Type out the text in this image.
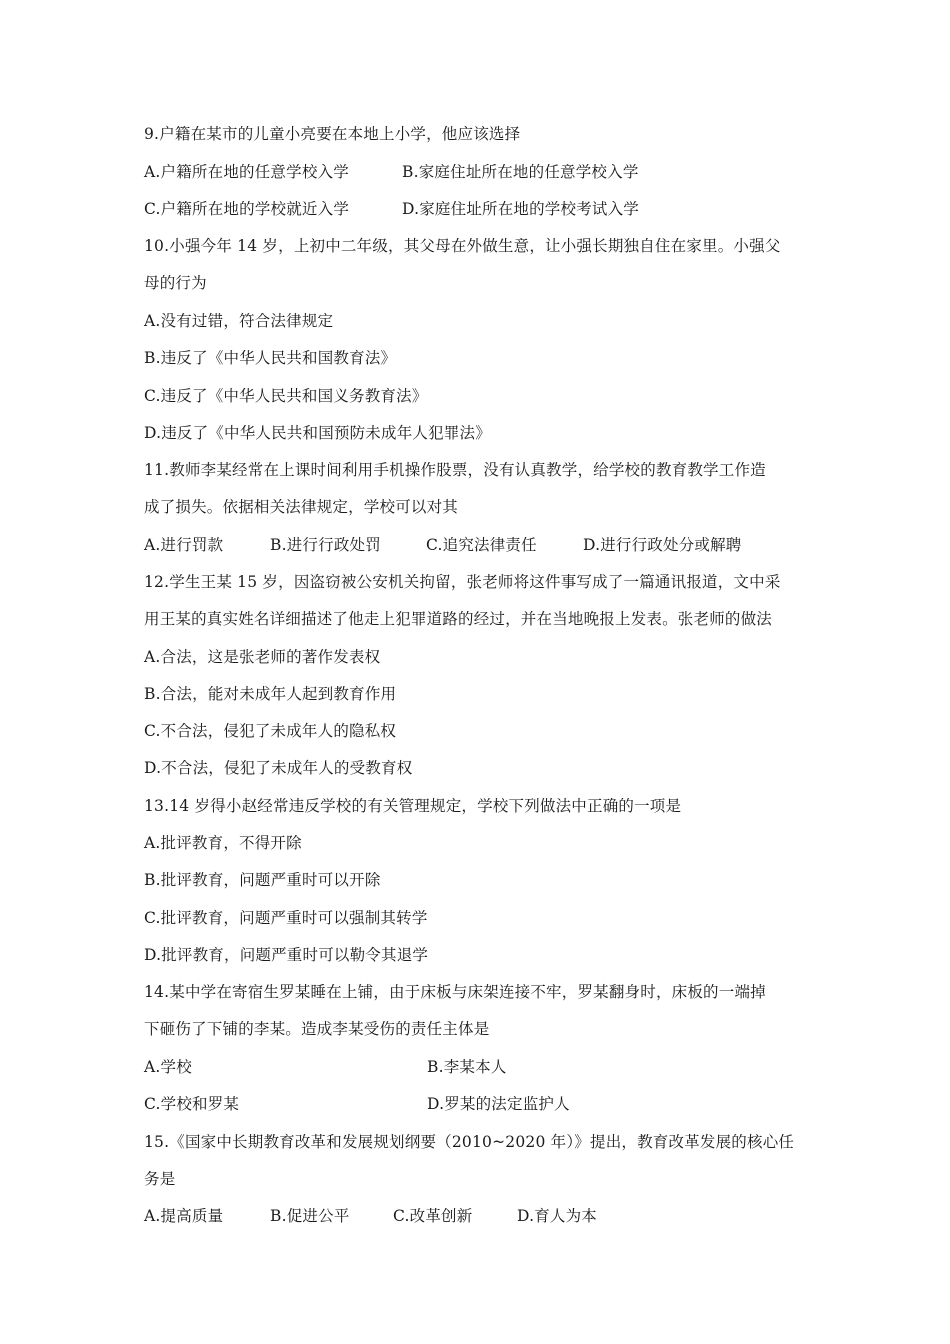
9.户籍在某市的儿童小亮要在本地上小学，他应该选择
A.户籍所在地的任意学校入学	B.家庭住址所在地的任意学校入学
C.户籍所在地的学校就近入学	D.家庭住址所在地的学校考试入学
10.小强今年 14 岁，上初中二年级，其父母在外做生意，让小强长期独自住在家里。小强父
母的行为
A.没有过错，符合法律规定
B.违反了《中华人民共和国教育法》
C.违反了《中华人民共和国义务教育法》
D.违反了《中华人民共和国预防未成年人犯罪法》
11.教师李某经常在上课时间利用手机操作股票，没有认真教学，给学校的教育教学工作造
成了损失。依据相关法律规定，学校可以对其
A.进行罚款	B.进行行政处罚	C.追究法律责任	D.进行行政处分或解聘
12.学生王某 15 岁，因盗窃被公安机关拘留，张老师将这件事写成了一篇通讯报道，文中采
用王某的真实姓名详细描述了他走上犯罪道路的经过，并在当地晚报上发表。张老师的做法
A.合法，这是张老师的著作发表权
B.合法，能对未成年人起到教育作用
C.不合法，侵犯了未成年人的隐私权
D.不合法，侵犯了未成年人的受教育权
13.14 岁得小赵经常违反学校的有关管理规定，学校下列做法中正确的一项是
A.批评教育，不得开除
B.批评教育，问题严重时可以开除
C.批评教育，问题严重时可以强制其转学
D.批评教育，问题严重时可以勒令其退学
14.某中学在寄宿生罗某睡在上铺，由于床板与床架连接不牢，罗某翻身时，床板的一端掉
下砸伤了下铺的李某。造成李某受伤的责任主体是
A.学校	B.李某本人
C.学校和罗某	D.罗某的法定监护人
15.《国家中长期教育改革和发展规划纲要（2010~2020 年）》提出，教育改革发展的核心任
务是
A.提高质量	B.促进公平	C.改革创新	D.育人为本
